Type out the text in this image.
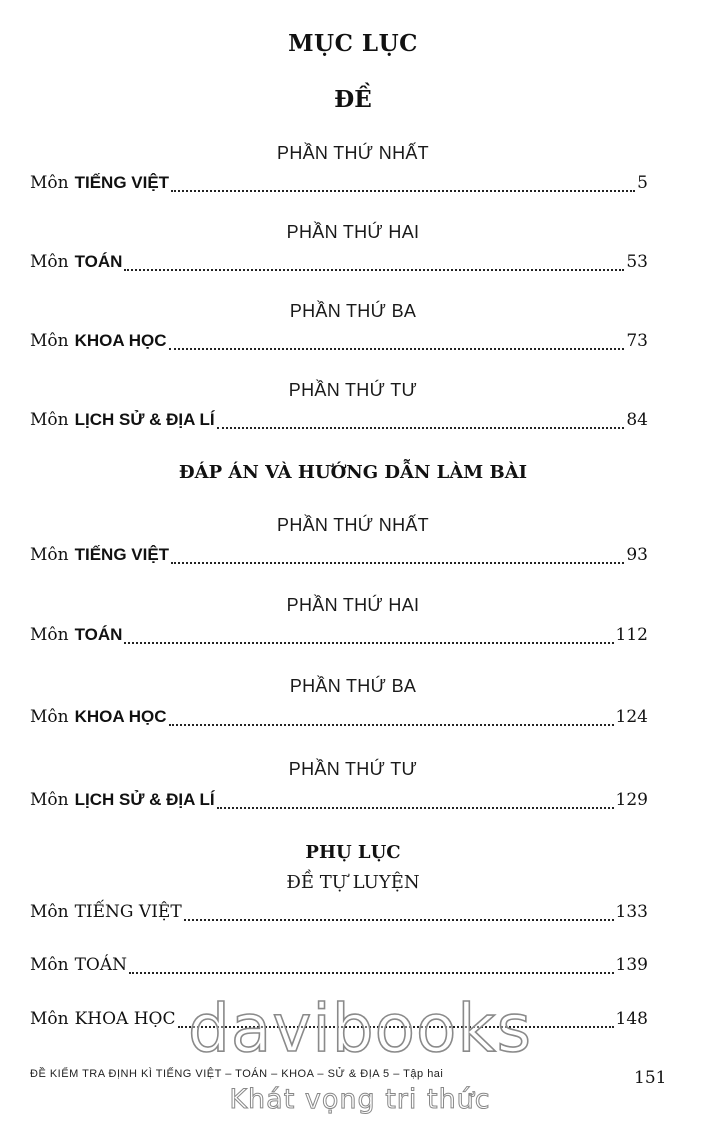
MỤC LỤC
ĐỀ
PHẦN THỨ NHẤT
Môn TIẾNG VIỆT	5
PHẦN THỨ HAI
Môn TOÁN	53
PHẦN THỨ BA
Môn KHOA HỌC	73
PHẦN THỨ TƯ
Môn LỊCH SỬ & ĐỊA LÍ	84
ĐÁP ÁN VÀ HƯỚNG DẪN LÀM BÀI
PHẦN THỨ NHẤT
Môn TIẾNG VIỆT	93
PHẦN THỨ HAI
Môn TOÁN	112
PHẦN THỨ BA
Môn KHOA HỌC	124
PHẦN THỨ TƯ
Môn LỊCH SỬ & ĐỊA LÍ	129
PHỤ LỤC
ĐỀ TỰ LUYỆN
Môn TIẾNG VIỆT	133
Môn TOÁN	139
Môn KHOA HỌC	148
davibooks
ĐỀ KIỂM TRA ĐỊNH KÌ TIẾNG VIỆT – TOÁN – KHOA – SỬ & ĐỊA 5 – Tập hai	151
Khát vọng tri thức
